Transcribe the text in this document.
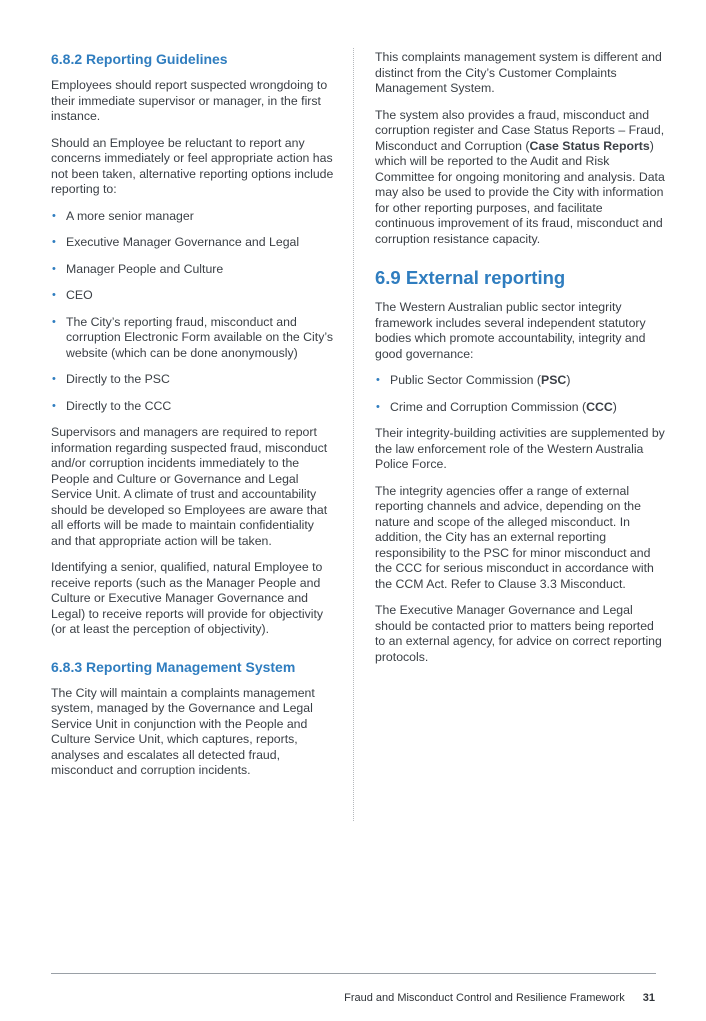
6.8.2 Reporting Guidelines

Employees should report suspected wrongdoing to their immediate supervisor or manager, in the first instance.

Should an Employee be reluctant to report any concerns immediately or feel appropriate action has not been taken, alternative reporting options include reporting to:

• A more senior manager
• Executive Manager Governance and Legal
• Manager People and Culture
• CEO
• The City’s reporting fraud, misconduct and corruption Electronic Form available on the City’s website (which can be done anonymously)
• Directly to the PSC
• Directly to the CCC

Supervisors and managers are required to report information regarding suspected fraud, misconduct and/or corruption incidents immediately to the People and Culture or Governance and Legal Service Unit. A climate of trust and accountability should be developed so Employees are aware that all efforts will be made to maintain confidentiality and that appropriate action will be taken.

Identifying a senior, qualified, natural Employee to receive reports (such as the Manager People and Culture or Executive Manager Governance and Legal) to receive reports will provide for objectivity (or at least the perception of objectivity).

6.8.3 Reporting Management System

The City will maintain a complaints management system, managed by the Governance and Legal Service Unit in conjunction with the People and Culture Service Unit, which captures, reports, analyses and escalates all detected fraud, misconduct and corruption incidents.

This complaints management system is different and distinct from the City’s Customer Complaints Management System.

The system also provides a fraud, misconduct and corruption register and Case Status Reports – Fraud, Misconduct and Corruption (Case Status Reports) which will be reported to the Audit and Risk Committee for ongoing monitoring and analysis. Data may also be used to provide the City with information for other reporting purposes, and facilitate continuous improvement of its fraud, misconduct and corruption resistance capacity.

6.9 External reporting

The Western Australian public sector integrity framework includes several independent statutory bodies which promote accountability, integrity and good governance:

• Public Sector Commission (PSC)
• Crime and Corruption Commission (CCC)

Their integrity-building activities are supplemented by the law enforcement role of the Western Australia Police Force.

The integrity agencies offer a range of external reporting channels and advice, depending on the nature and scope of the alleged misconduct. In addition, the City has an external reporting responsibility to the PSC for minor misconduct and the CCC for serious misconduct in accordance with the CCM Act. Refer to Clause 3.3 Misconduct.

The Executive Manager Governance and Legal should be contacted prior to matters being reported to an external agency, for advice on correct reporting protocols.

Fraud and Misconduct Control and Resilience Framework 31
